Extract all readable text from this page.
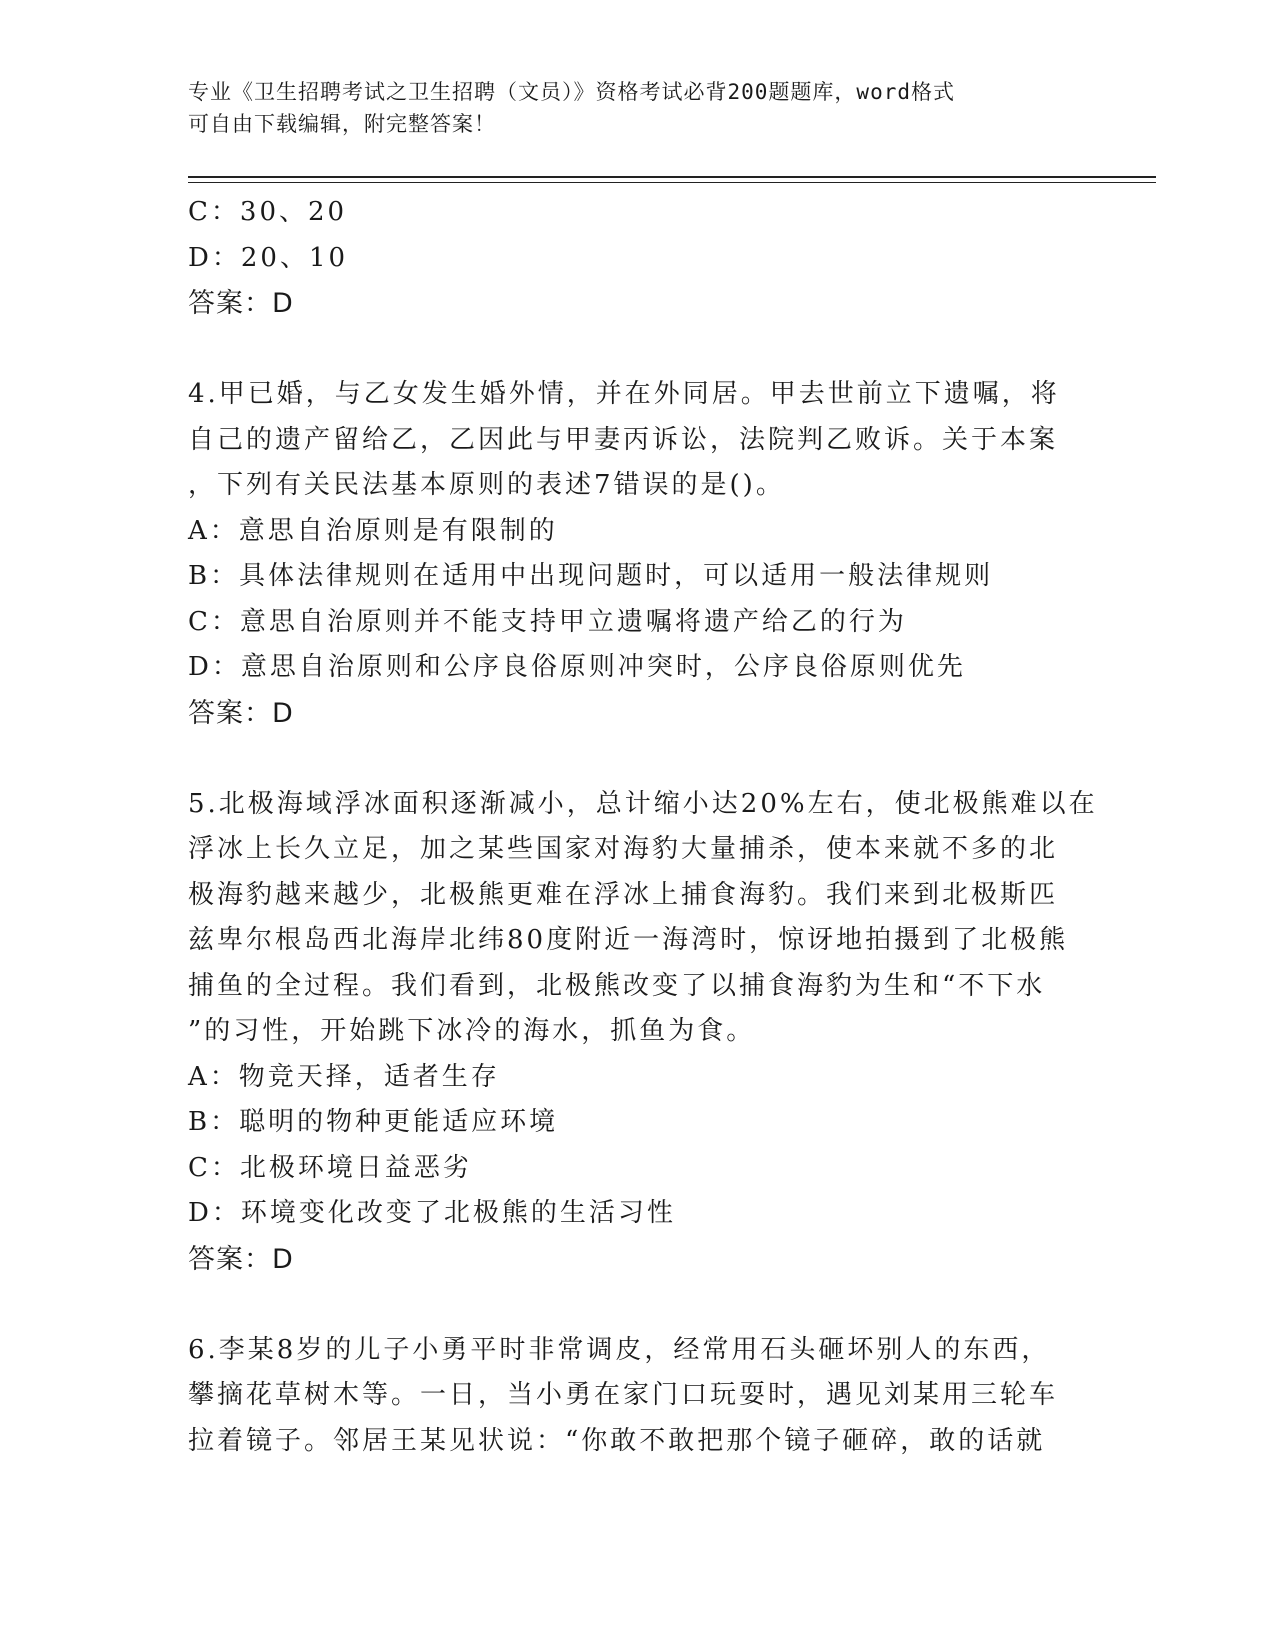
专业《卫生招聘考试之卫生招聘（文员）》资格考试必背200题题库，word格式
可自由下载编辑，附完整答案！
C：30、20
D：20、10
答案：D
4.甲已婚，与乙女发生婚外情，并在外同居。甲去世前立下遗嘱，将
自己的遗产留给乙，乙因此与甲妻丙诉讼，法院判乙败诉。关于本案
，下列有关民法基本原则的表述7错误的是()。
A：意思自治原则是有限制的
B：具体法律规则在适用中出现问题时，可以适用一般法律规则
C：意思自治原则并不能支持甲立遗嘱将遗产给乙的行为
D：意思自治原则和公序良俗原则冲突时，公序良俗原则优先
答案：D
5.北极海域浮冰面积逐渐减小，总计缩小达20%左右，使北极熊难以在
浮冰上长久立足，加之某些国家对海豹大量捕杀，使本来就不多的北
极海豹越来越少，北极熊更难在浮冰上捕食海豹。我们来到北极斯匹
兹卑尔根岛西北海岸北纬80度附近一海湾时，惊讶地拍摄到了北极熊
捕鱼的全过程。我们看到，北极熊改变了以捕食海豹为生和“不下水
”的习性，开始跳下冰冷的海水，抓鱼为食。
A：物竞天择，适者生存
B：聪明的物种更能适应环境
C：北极环境日益恶劣
D：环境变化改变了北极熊的生活习性
答案：D
6.李某8岁的儿子小勇平时非常调皮，经常用石头砸坏别人的东西，
攀摘花草树木等。一日，当小勇在家门口玩耍时，遇见刘某用三轮车
拉着镜子。邻居王某见状说：“你敢不敢把那个镜子砸碎，敢的话就
